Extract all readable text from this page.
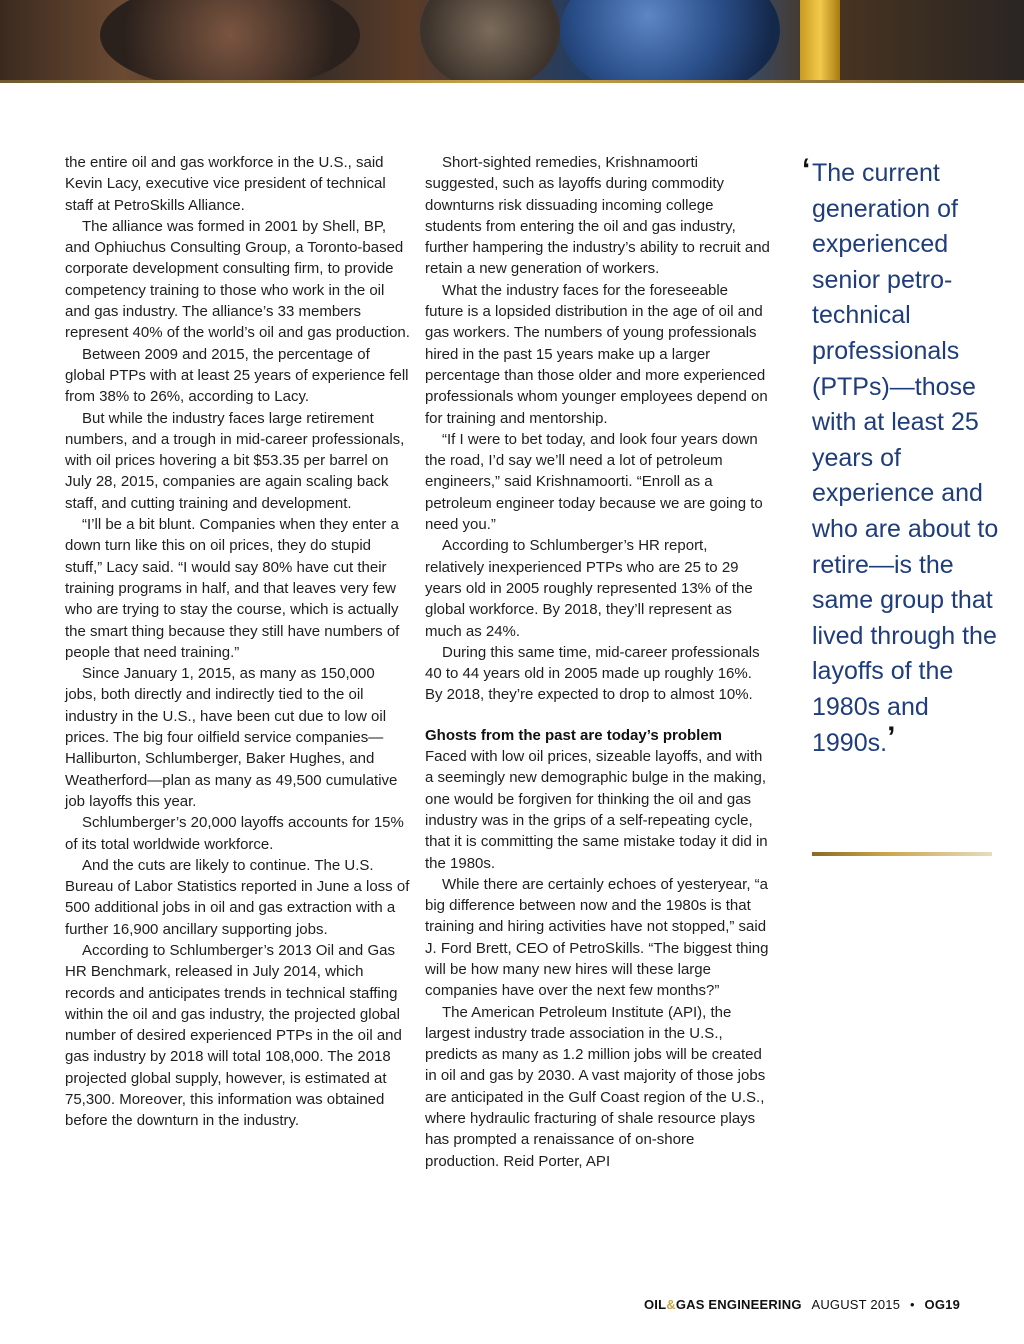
the entire oil and gas workforce in the U.S., said Kevin Lacy, executive vice president of technical staff at PetroSkills Alliance.

The alliance was formed in 2001 by Shell, BP, and Ophiuchus Consulting Group, a Toronto-based corporate development consulting firm, to provide competency training to those who work in the oil and gas industry. The alliance’s 33 members represent 40% of the world’s oil and gas production.

Between 2009 and 2015, the percentage of global PTPs with at least 25 years of experience fell from 38% to 26%, according to Lacy.

But while the industry faces large retirement numbers, and a trough in mid-career professionals, with oil prices hovering a bit $53.35 per barrel on July 28, 2015, companies are again scaling back staff, and cutting training and development.

“I’ll be a bit blunt. Companies when they enter a down turn like this on oil prices, they do stupid stuff,” Lacy said. “I would say 80% have cut their training programs in half, and that leaves very few who are trying to stay the course, which is actually the smart thing because they still have numbers of people that need training.”

Since January 1, 2015, as many as 150,000 jobs, both directly and indirectly tied to the oil industry in the U.S., have been cut due to low oil prices. The big four oilfield service companies—Halliburton, Schlumberger, Baker Hughes, and Weatherford—plan as many as 49,500 cumulative job layoffs this year.

Schlumberger’s 20,000 layoffs accounts for 15% of its total worldwide workforce.

And the cuts are likely to continue. The U.S. Bureau of Labor Statistics reported in June a loss of 500 additional jobs in oil and gas extraction with a further 16,900 ancillary supporting jobs.

According to Schlumberger’s 2013 Oil and Gas HR Benchmark, released in July 2014, which records and anticipates trends in technical staffing within the oil and gas industry, the projected global number of desired experienced PTPs in the oil and gas industry by 2018 will total 108,000. The 2018 projected global supply, however, is estimated at 75,300. Moreover, this information was obtained before the downturn in the industry.

Short-sighted remedies, Krishnamoorti suggested, such as layoffs during commodity downturns risk dissuading incoming college students from entering the oil and gas industry, further hampering the industry’s ability to recruit and retain a new generation of workers.

What the industry faces for the foreseeable future is a lopsided distribution in the age of oil and gas workers. The numbers of young professionals hired in the past 15 years make up a larger percentage than those older and more experienced professionals whom younger employees depend on for training and mentorship.

“If I were to bet today, and look four years down the road, I’d say we’ll need a lot of petroleum engineers,” said Krishnamoorti. “Enroll as a petroleum engineer today because we are going to need you.”

According to Schlumberger’s HR report, relatively inexperienced PTPs who are 25 to 29 years old in 2005 roughly represented 13% of the global workforce. By 2018, they’ll represent as much as 24%.

During this same time, mid-career professionals 40 to 44 years old in 2005 made up roughly 16%. By 2018, they’re expected to drop to almost 10%.

Ghosts from the past are today’s problem

Faced with low oil prices, sizeable layoffs, and with a seemingly new demographic bulge in the making, one would be forgiven for thinking the oil and gas industry was in the grips of a self-repeating cycle, that it is committing the same mistake today it did in the 1980s.

While there are certainly echoes of yesteryear, “a big difference between now and the 1980s is that training and hiring activities have not stopped,” said J. Ford Brett, CEO of PetroSkills. “The biggest thing will be how many new hires will these large companies have over the next few months?”

The American Petroleum Institute (API), the largest industry trade association in the U.S., predicts as many as 1.2 million jobs will be created in oil and gas by 2030. A vast majority of those jobs are anticipated in the Gulf Coast region of the U.S., where hydraulic fracturing of shale resource plays has prompted a renaissance of on-shore production. Reid Porter, API

‘ The current generation of experienced senior petro-technical professionals (PTPs)—those with at least 25 years of experience and who are about to retire—is the same group that lived through the layoffs of the 1980s and 1990s.’
OIL&GAS ENGINEERING AUGUST 2015 • OG19
